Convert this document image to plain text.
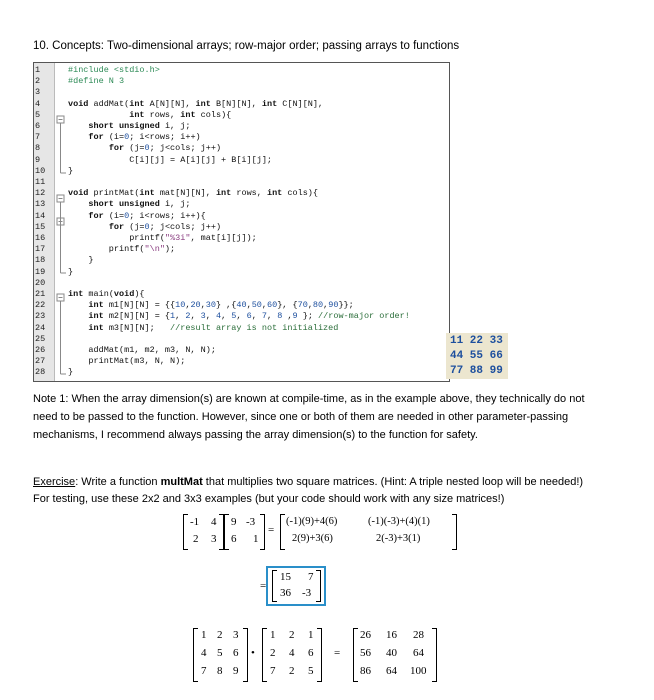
10. Concepts: Two-dimensional arrays; row-major order; passing arrays to functions
#include <stdio.h>
#define N 3
void addMat(int A[N][N], int B[N][N], int C[N][N],
int rows, int cols){
short unsigned i, j;
for (i=0; i<rows; i++)
for (j=0; j<cols; j++)
C[i][j] = A[i][j] + B[i][j];
}
void printMat(int mat[N][N], int rows, int cols){
short unsigned i, j;
for (i=0; i<rows; i++){
for (j=0; j<cols; j++)
printf("%3i", mat[i][j]);
printf("\n");
}
}
int main(void){
int m1[N][N] = {{10,20,30} ,{40,50,60}, {70,80,90}};
int m2[N][N] = {1, 2, 3, 4, 5, 6, 7, 8 ,9 }; //row-major order!
int m3[N][N];   //result array is not initialized
addMat(m1, m2, m3, N, N);
printMat(m3, N, N);
}
1
2
3
4
5
6
7
8
9
10
11
12
13
14
15
16
17
18
19
20
21
22
23
24
25
26
27
28
11 22 33
44 55 66
77 88 99
Note 1: When the array dimension(s) are known at compile-time, as in the example above, they technically do not
need to be passed to the function. However, since one or both of them are needed in other parameter-passing
mechanisms, I recommend always passing the array dimension(s) to the function for safety.
Exercise: Write a function multMat that multiplies two square matrices. (Hint: A triple nested loop will be needed!)
For testing, use these 2x2 and 3x3 examples (but your code should work with any size matrices!)
-1 4
2 3
9 -3
6 1
=
(-1)(9)+4(6)	(-1)(-3)+(4)(1)
2(9)+3(6)	2(-3)+3(1)
=
15 7
36 -3
1 2 3
4 5 6
7 8 9
•
1 2 1
2 4 6
7 2 5
=
26 16 28
56 40 64
86 64 100
